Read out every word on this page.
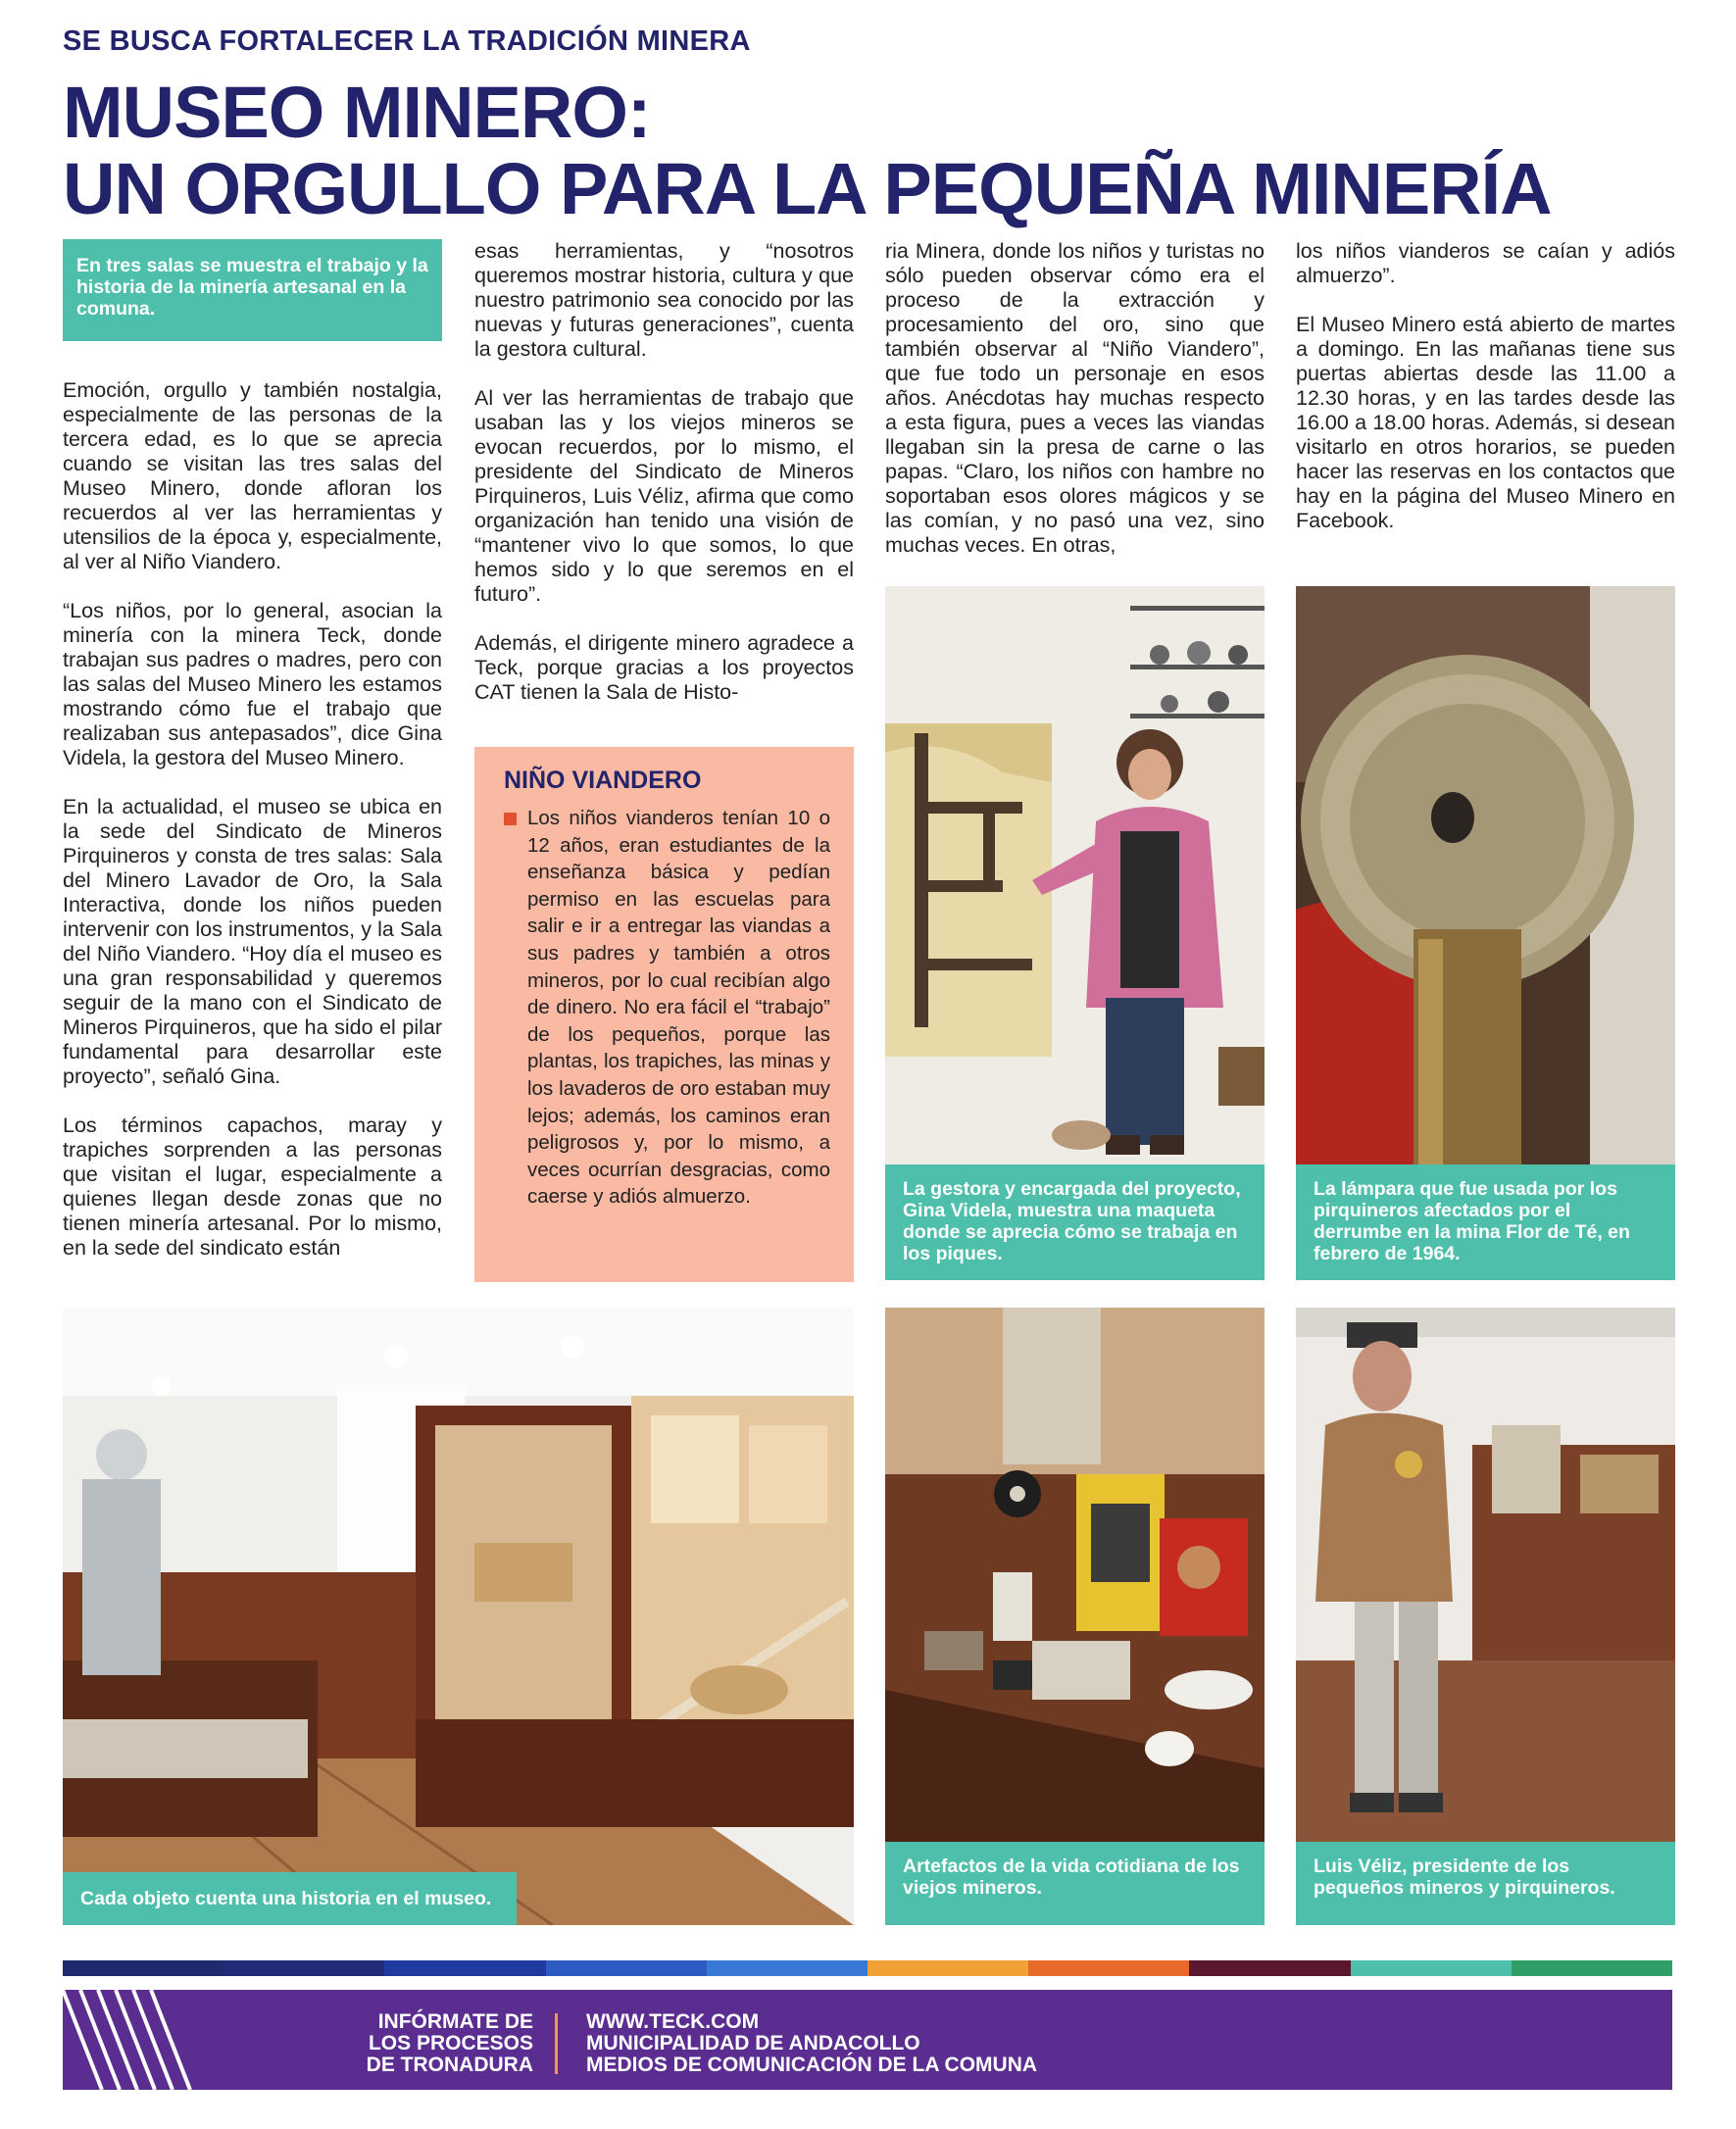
SE BUSCA FORTALECER LA TRADICIÓN MINERA
MUSEO MINERO:
UN ORGULLO PARA LA PEQUEÑA MINERÍA
En tres salas se muestra el trabajo y la historia de la minería artesanal en la comuna.

Emoción, orgullo y también nostalgia, especialmente de las personas de la tercera edad, es lo que se aprecia cuando se visitan las tres salas del Museo Minero, donde afloran los recuerdos al ver las herramientas y utensilios de la época y, especialmente, al ver al Niño Viandero.

“Los niños, por lo general, asocian la minería con la minera Teck, donde trabajan sus padres o madres, pero con las salas del Museo Minero les estamos mostrando cómo fue el trabajo que realizaban sus antepasados”, dice Gina Videla, la gestora del Museo Minero.

En la actualidad, el museo se ubica en la sede del Sindicato de Mineros Pirquineros y consta de tres salas: Sala del Minero Lavador de Oro, la Sala Interactiva, donde los niños pueden intervenir con los instrumentos, y la Sala del Niño Viandero. “Hoy día el museo es una gran responsabilidad y queremos seguir de la mano con el Sindicato de Mineros Pirquineros, que ha sido el pilar fundamental para desarrollar este proyecto”, señaló Gina.

Los términos capachos, maray y trapiches sorprenden a las personas que visitan el lugar, especialmente a quienes llegan desde zonas que no tienen minería artesanal. Por lo mismo, en la sede del sindicato están

esas herramientas, y “nosotros queremos mostrar historia, cultura y que nuestro patrimonio sea conocido por las nuevas y futuras generaciones”, cuenta la gestora cultural.

Al ver las herramientas de trabajo que usaban las y los viejos mineros se evocan recuerdos, por lo mismo, el presidente del Sindicato de Mineros Pirquineros, Luis Véliz, afirma que como organización han tenido una visión de “mantener vivo lo que somos, lo que hemos sido y lo que seremos en el futuro”.

Además, el dirigente minero agradece a Teck, porque gracias a los proyectos CAT tienen la Sala de Histo-

NIÑO VIANDERO
Los niños vianderos tenían 10 o 12 años, eran estudiantes de la enseñanza básica y pedían permiso en las escuelas para salir e ir a entregar las viandas a sus padres y también a otros mineros, por lo cual recibían algo de dinero. No era fácil el “trabajo” de los pequeños, porque las plantas, los trapiches, las minas y los lavaderos de oro estaban muy lejos; además, los caminos eran peligrosos y, por lo mismo, a veces ocurrían desgracias, como caerse y adiós almuerzo.

ria Minera, donde los niños y turistas no sólo pueden observar cómo era el proceso de la extracción y procesamiento del oro, sino que también observar al “Niño Viandero”, que fue todo un personaje en esos años. Anécdotas hay muchas respecto a esta figura, pues a veces las viandas llegaban sin la presa de carne o las papas. “Claro, los niños con hambre no soportaban esos olores mágicos y se las comían, y no pasó una vez, sino muchas veces. En otras,

los niños vianderos se caían y adiós almuerzo”.

El Museo Minero está abierto de martes a domingo. En las mañanas tiene sus puertas abiertas desde las 11.00 a 12.30 horas, y en las tardes desde las 16.00 a 18.00 horas. Además, si desean visitarlo en otros horarios, se pueden hacer las reservas en los contactos que hay en la página del Museo Minero en Facebook.

La gestora y encargada del proyecto, Gina Videla, muestra una maqueta donde se aprecia cómo se trabaja en los piques.
La lámpara que fue usada por los pirquineros afectados por el derrumbe en la mina Flor de Té, en febrero de 1964.
Cada objeto cuenta una historia en el museo.
Artefactos de la vida cotidiana de los viejos mineros.
Luis Véliz, presidente de los pequeños mineros y pirquineros.
INFÓRMATE DE
LOS PROCESOS
DE TRONADURA
WWW.TECK.COM
MUNICIPALIDAD DE ANDACOLLO
MEDIOS DE COMUNICACIÓN DE LA COMUNA
